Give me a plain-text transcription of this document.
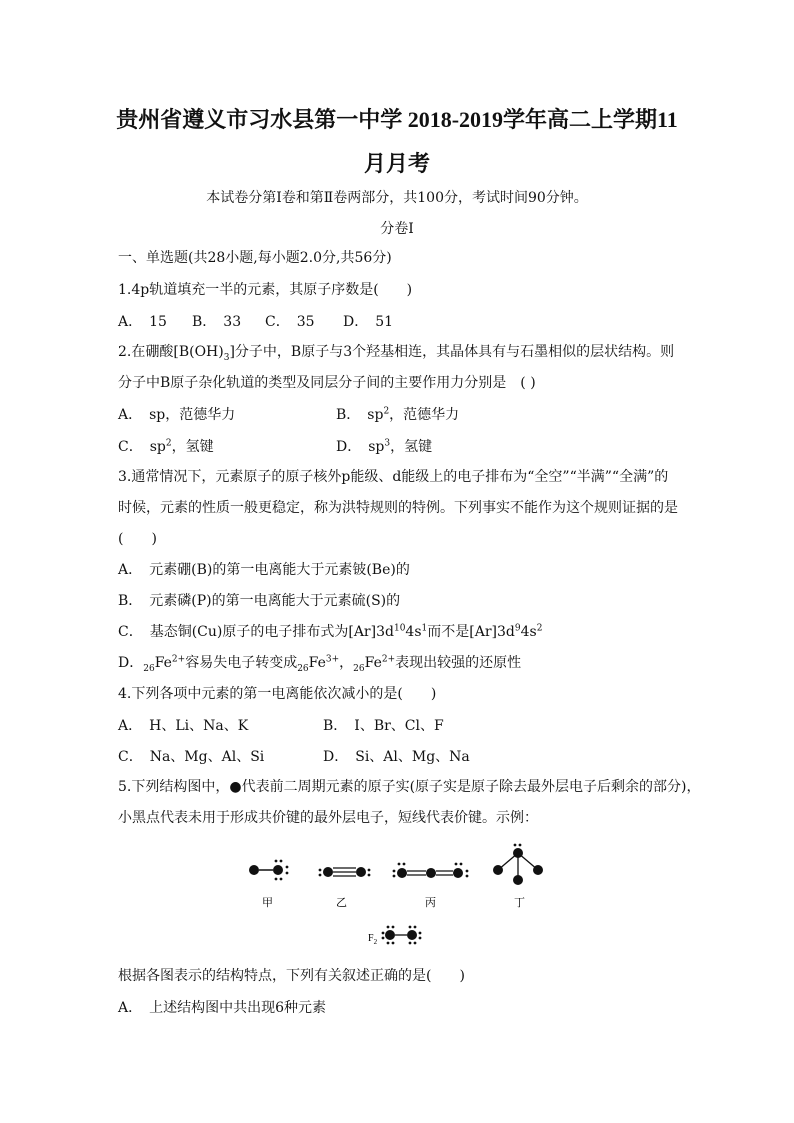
贵州省遵义市习水县第一中学 2018-2019学年高二上学期11
月月考
本试卷分第Ⅰ卷和第Ⅱ卷两部分，共100分，考试时间90分钟。
分卷Ⅰ
一、单选题(共28小题,每小题2.0分,共56分)
1.4p轨道填充一半的元素，其原子序数是(　　)
A．　15 B．　33 C．　35 D．　51
2.在硼酸$[B(OH)_3]$分子中，B原子与3个羟基相连，其晶体具有与石墨相似的层状结构。则
分子中B原子杂化轨道的类型及同层分子间的主要作用力分别是　( )
A．　sp，范德华力	B．　$sp^2$，范德华力
C．　$sp^2$，氢键	D．　$sp^3$，氢键
3.通常情况下，元素原子的原子核外p能级、d能级上的电子排布为“全空”“半满”“全满”的
时候，元素的性质一般更稳定，称为洪特规则的特例。下列事实不能作为这个规则证据的是
(　　)
A．　元素硼(B)的第一电离能大于元素铍(Be)的
B．　元素磷(P)的第一电离能大于元素硫(S)的
C．　基态铜(Cu)原子的电子排布式为$[Ar]3d^{10}4s^1$而不是$[Ar]3d^94s^2$
D．$_{26}Fe^{2+}$容易失电子转变成$_{26}Fe^{3+}$，$_{26}Fe^{2+}$表现出较强的还原性
4.下列各项中元素的第一电离能依次减小的是(　　)
A．　H、Li、Na、K	B．　I、Br、Cl、F
C．　Na、Mg、Al、Si	D．　Si、Al、Mg、Na
5.下列结构图中，●代表前二周期元素的原子实(原子实是原子除去最外层电子后剩余的部分)，
小黑点代表未用于形成共价键的最外层电子，短线代表价键。示例：
甲	乙	丙	丁
$F_2$
根据各图表示的结构特点，下列有关叙述正确的是(　　)
A．　上述结构图中共出现6种元素
